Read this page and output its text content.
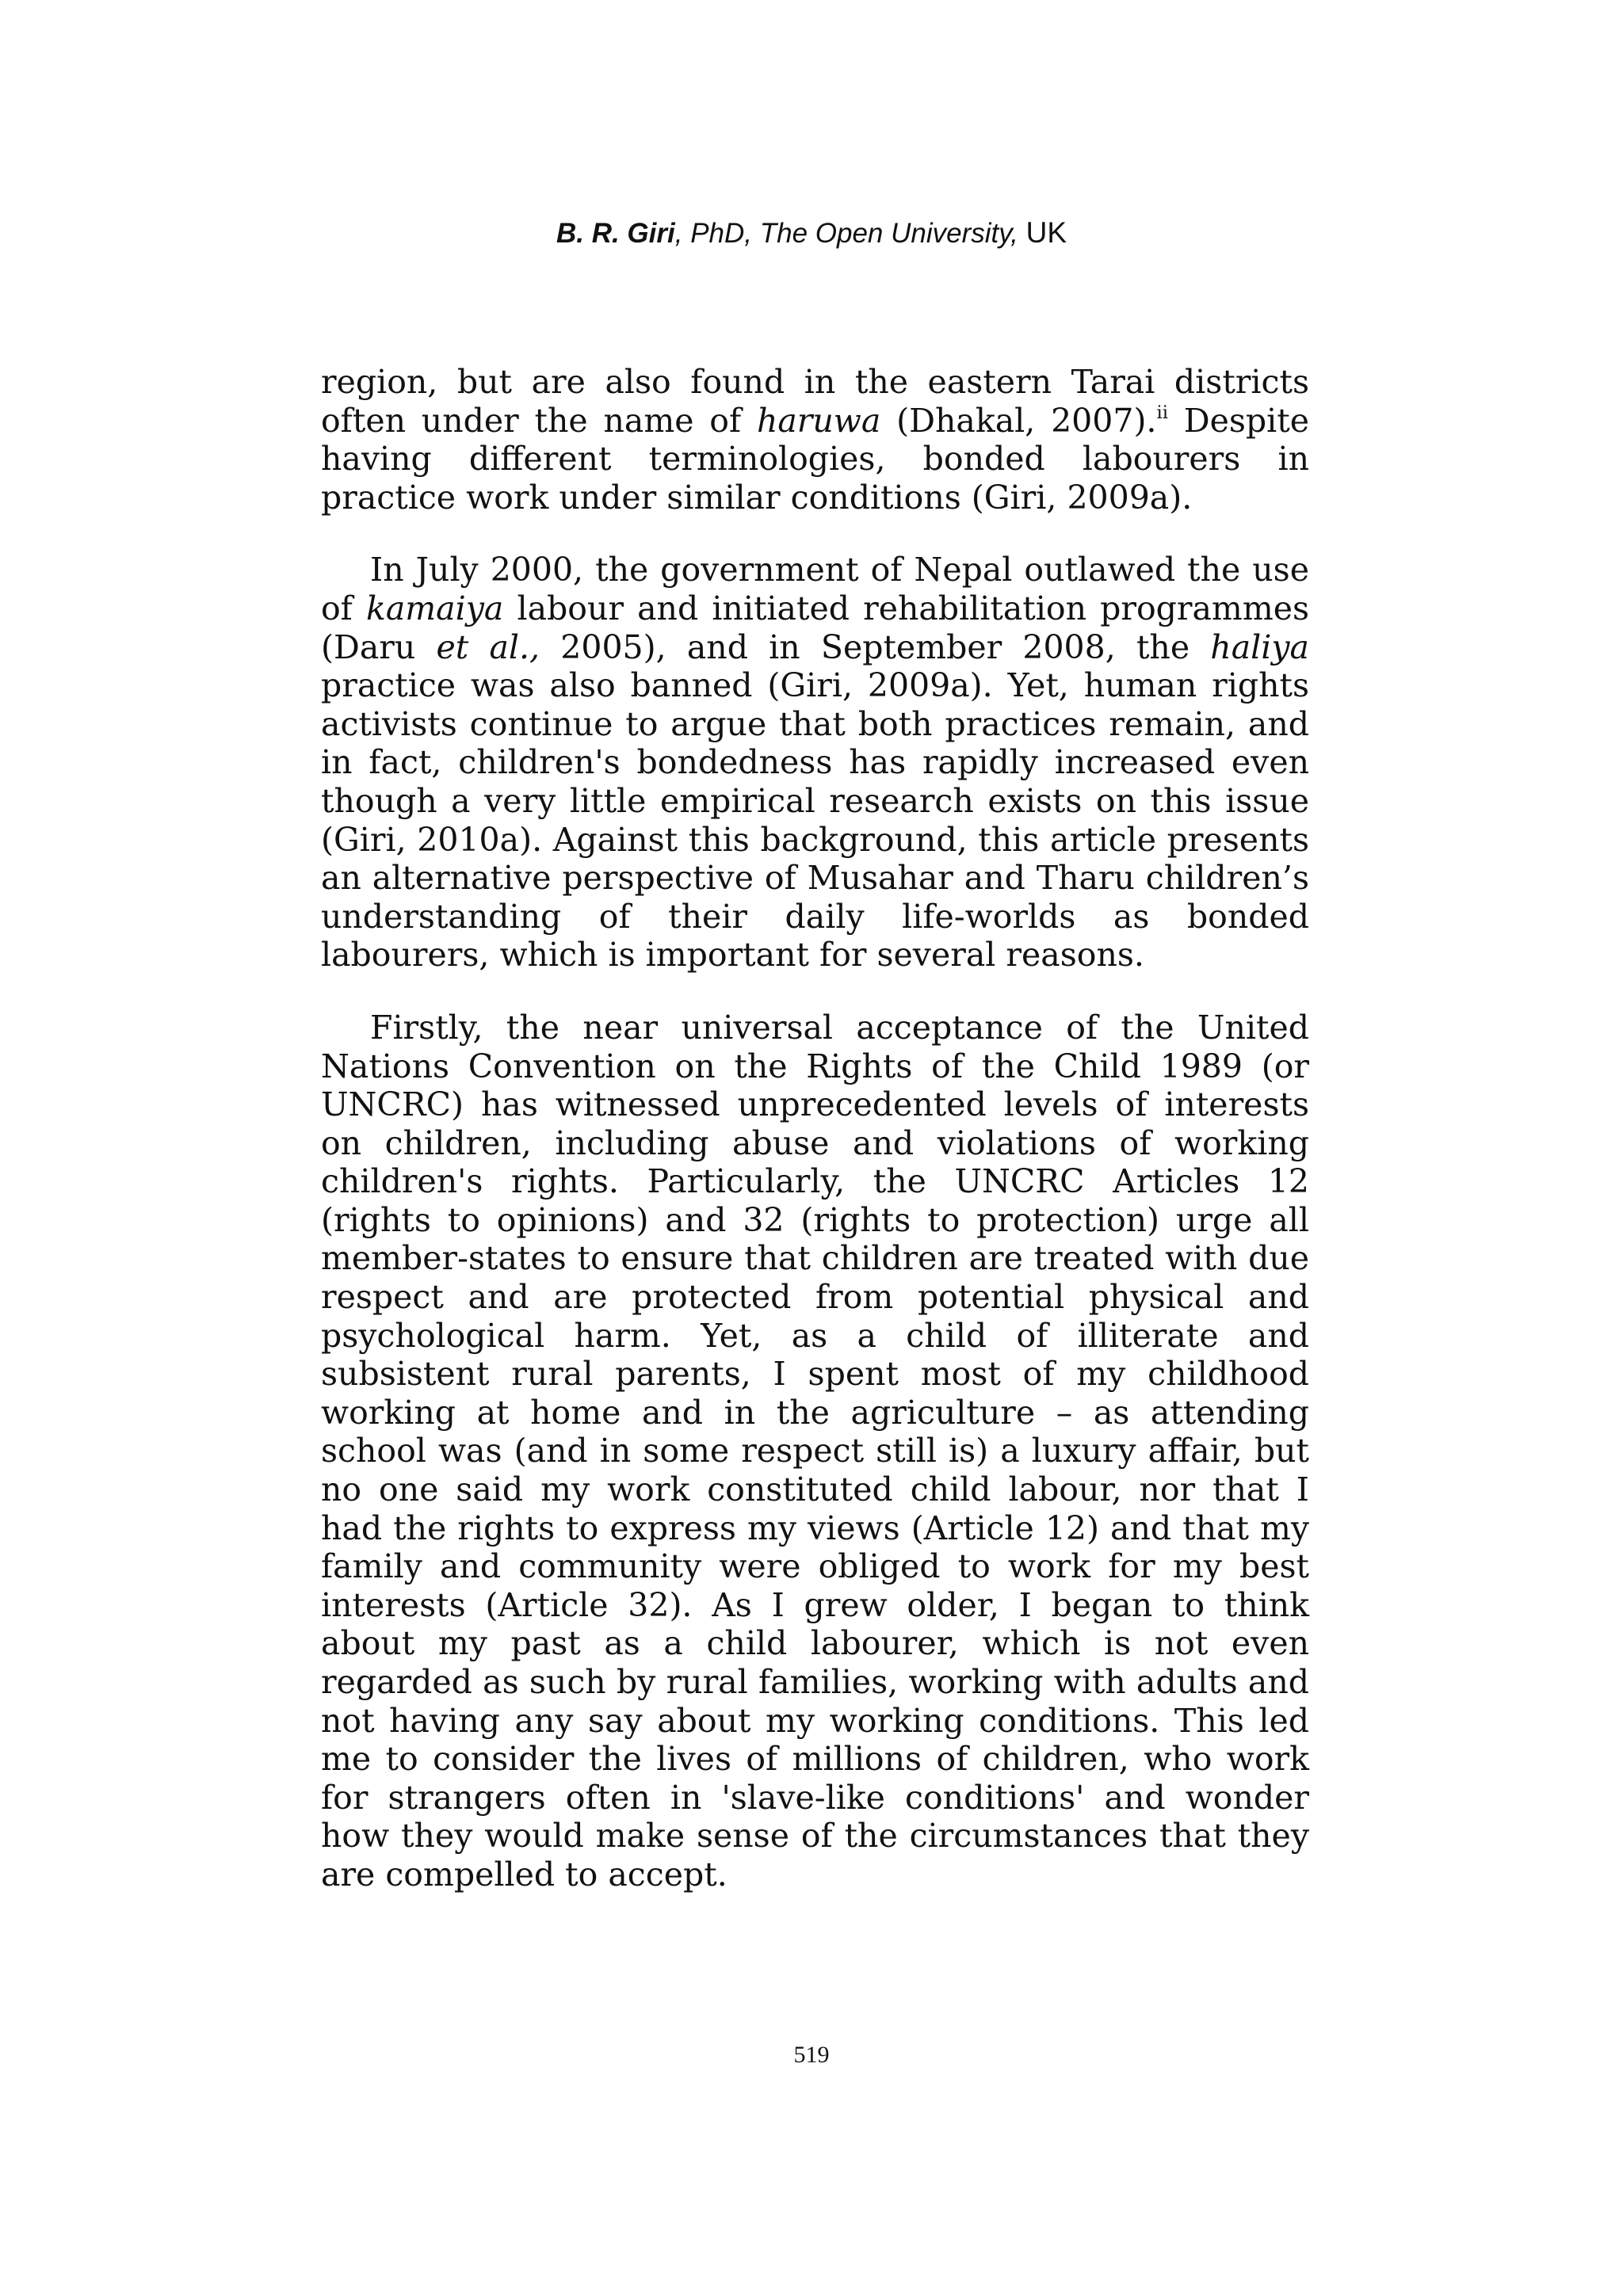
B. R. Giri, PhD, The Open University, UK

region, but are also found in the eastern Tarai districts often under the name of haruwa (Dhakal, 2007).$^{ii}$ Despite having different terminologies, bonded labourers in practice work under similar conditions (Giri, 2009a).

In July 2000, the government of Nepal outlawed the use of kamaiya labour and initiated rehabilitation programmes (Daru et al., 2005), and in September 2008, the haliya practice was also banned (Giri, 2009a). Yet, human rights activists continue to argue that both practices remain, and in fact, children's bondedness has rapidly increased even though a very little empirical research exists on this issue (Giri, 2010a). Against this background, this article presents an alternative perspective of Musahar and Tharu children’s understanding of their daily life-worlds as bonded labourers, which is important for several reasons.

Firstly, the near universal acceptance of the United Nations Convention on the Rights of the Child 1989 (or UNCRC) has witnessed unprecedented levels of interests on children, including abuse and violations of working children's rights. Particularly, the UNCRC Articles 12 (rights to opinions) and 32 (rights to protection) urge all member-states to ensure that children are treated with due respect and are protected from potential physical and psychological harm. Yet, as a child of illiterate and subsistent rural parents, I spent most of my childhood working at home and in the agriculture – as attending school was (and in some respect still is) a luxury affair, but no one said my work constituted child labour, nor that I had the rights to express my views (Article 12) and that my family and community were obliged to work for my best interests (Article 32). As I grew older, I began to think about my past as a child labourer, which is not even regarded as such by rural families, working with adults and not having any say about my working conditions. This led me to consider the lives of millions of children, who work for strangers often in 'slave-like conditions' and wonder how they would make sense of the circumstances that they are compelled to accept.

519
